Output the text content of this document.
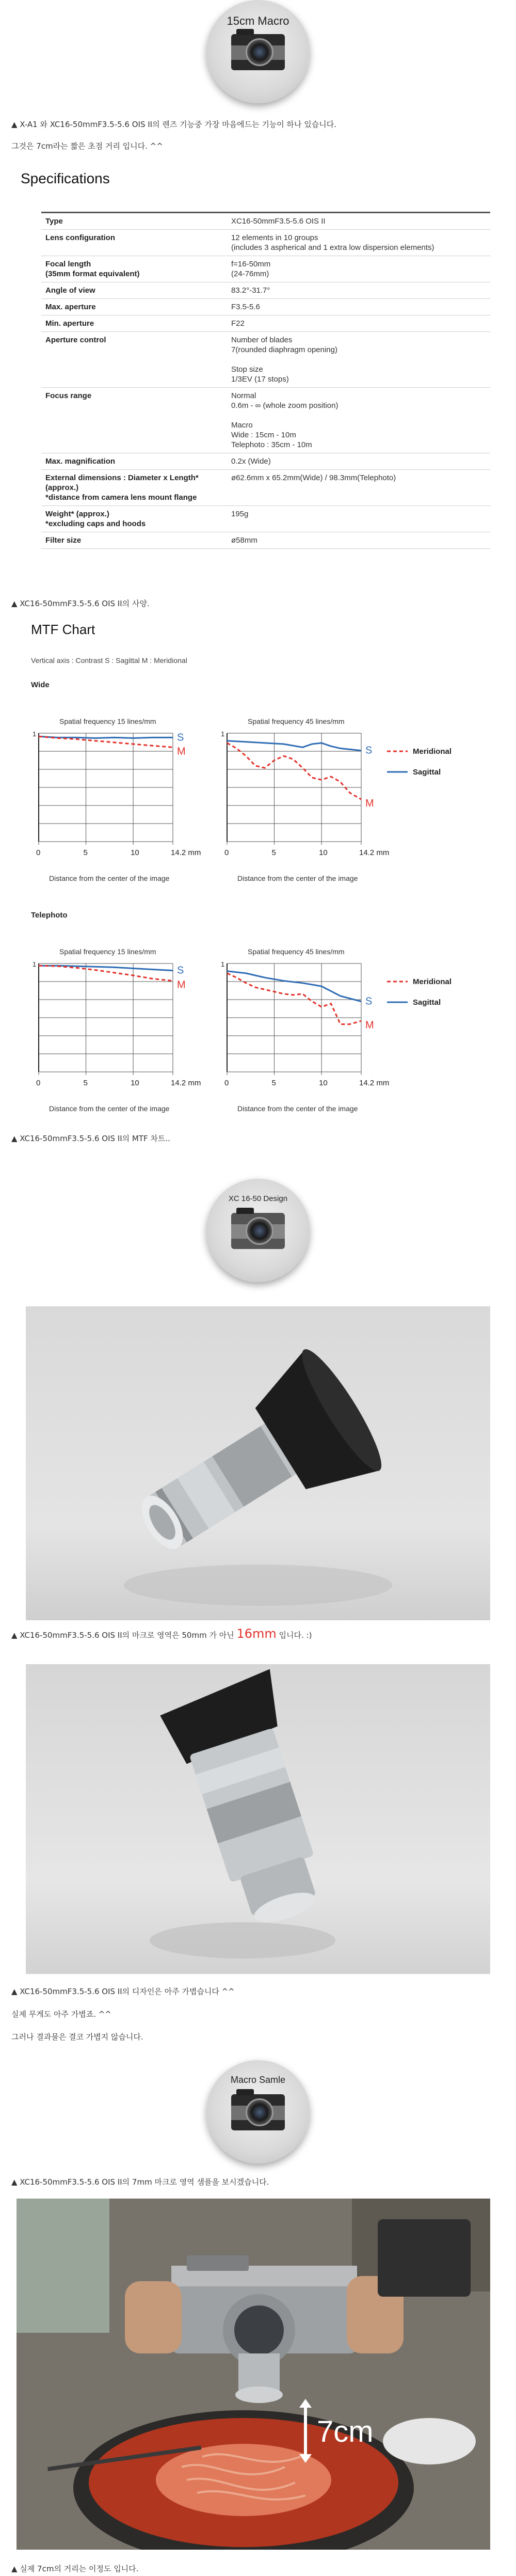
15cm Macro
▲ X-A1 와 XC16-50mmF3.5-5.6 OIS II의 렌즈 기능중 가장 마음에드는 기능이 하나 있습니다.
그것은 7cm라는 짧은 초점 거리 입니다. ^^
Specifications
Type	XC16-50mmF3.5-5.6 OIS II
Lens configuration	12 elements in 10 groups
(includes 3 aspherical and 1 extra low dispersion elements)
Focal length
(35mm format equivalent)	f=16-50mm
(24-76mm)
Angle of view	83.2°-31.7°
Max. aperture	F3.5-5.6
Min. aperture	F22
Aperture control	Number of blades
7(rounded diaphragm opening)

Stop size
1/3EV (17 stops)
Focus range	Normal
0.6m - ∞ (whole zoom position)

Macro
Wide : 15cm - 10m
Telephoto : 35cm - 10m
Max. magnification	0.2x (Wide)
External dimensions : Diameter x Length* (approx.)
*distance from camera lens mount flange	ø62.6mm x 65.2mm(Wide) / 98.3mm(Telephoto)
Weight* (approx.)
*excluding caps and hoods	195g
Filter size	ø58mm
▲ XC16-50mmF3.5-5.6 OIS II의 사양.
MTF Chart
Vertical axis : Contrast S : Sagittal M : Meridional
Wide
Telephoto
Spatial frequency 15 lines/mm
1
0	5	10	14.2 mm
Distance from the center of the image
S
M
Spatial frequency 45 lines/mm
1
0	5	10	14.2 mm
Distance from the center of the image
S
M
Meridional
Sagittal
Spatial frequency 15 lines/mm
1
0	5	10	14.2 mm
Distance from the center of the image
S
M
Spatial frequency 45 lines/mm
1
0	5	10	14.2 mm
Distance from the center of the image
S
M
Meridional
Sagittal
▲ XC16-50mmF3.5-5.6 OIS II의 MTF 차트..
XC 16-50 Design
▲ XC16-50mmF3.5-5.6 OIS II의 마크로 영역은 50mm 가 아닌 16mm 입니다. :)
▲ XC16-50mmF3.5-5.6 OIS II의 디자인은 아주 가볍습니다 ^^
실제 무게도 아주 가볍죠. ^^
그러나 결과물은 결코 가볍지 않습니다.
Macro Samle
▲ XC16-50mmF3.5-5.6 OIS II의 7mm 마크로 영역 샘플을 보시겠습니다.
7cm
▲ 실제 7cm의 거리는 이정도 입니다.
